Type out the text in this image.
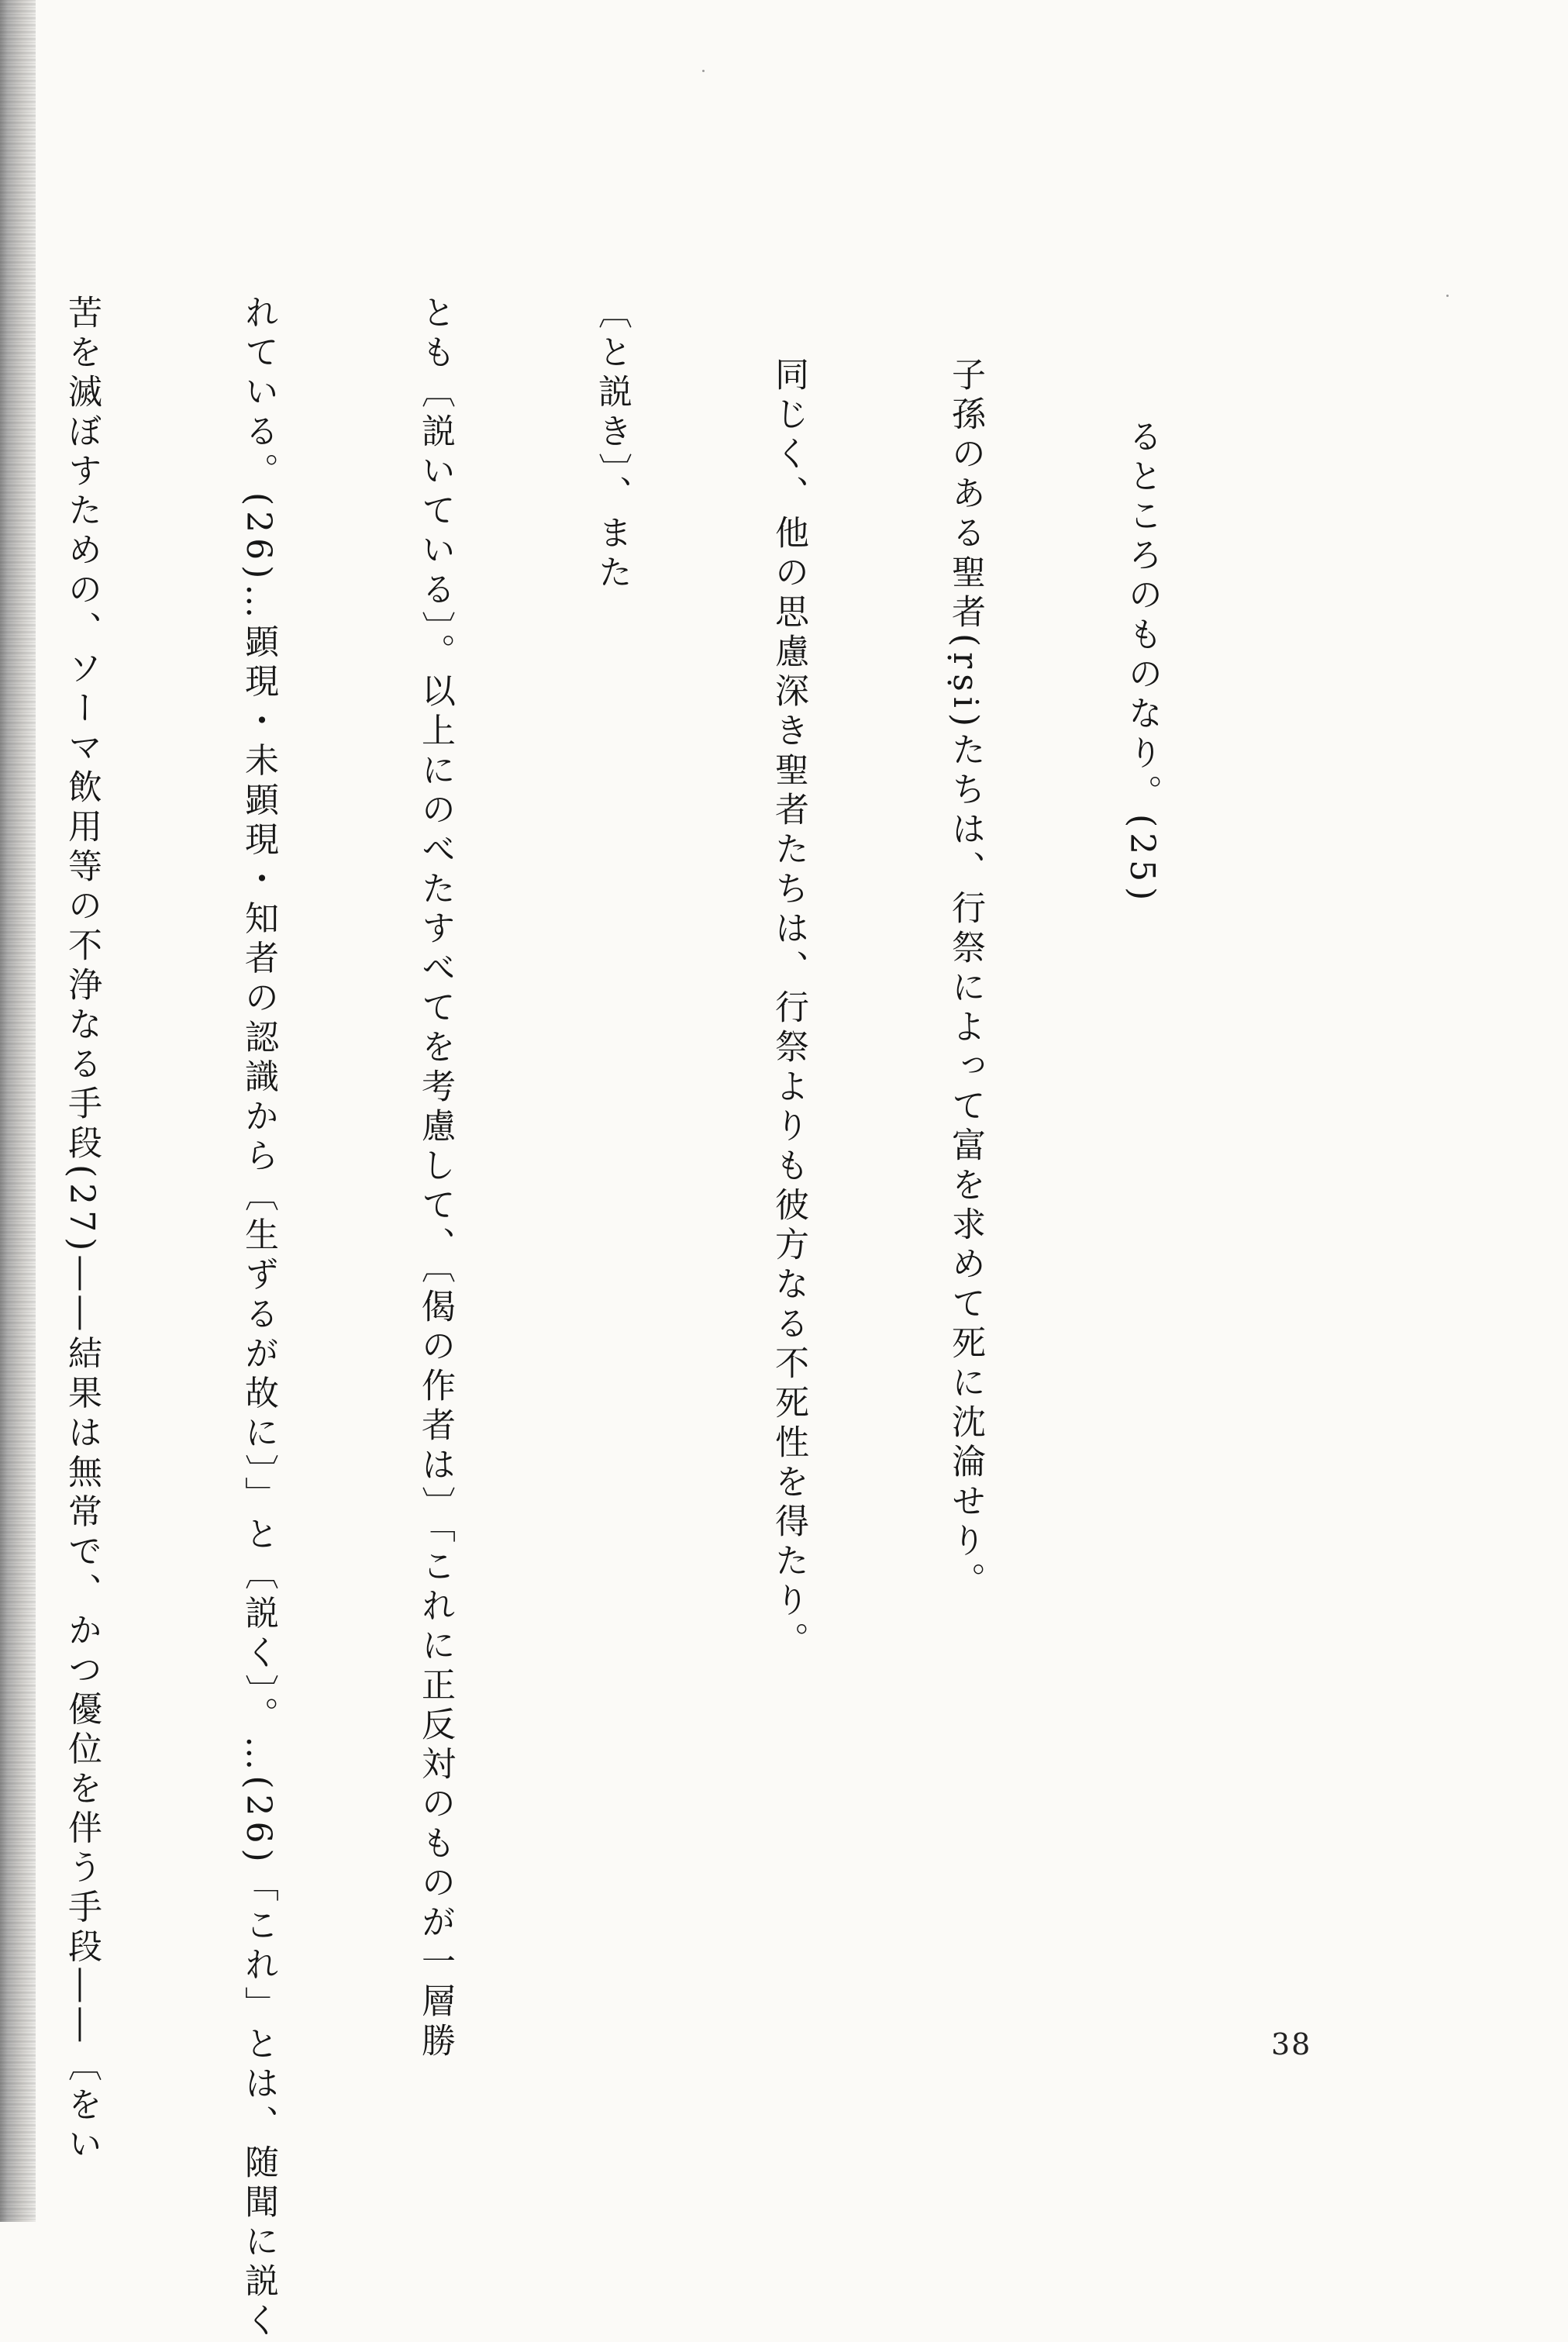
るところのものなり。(25)

子孫のある聖者(ṛṣi)たちは、行祭によって富を求めて死に沈淪せり。

同じく、他の思慮深き聖者たちは、行祭よりも彼方なる不死性を得たり。

〔と説き〕、また

とも〔説いている〕。以上にのべたすべてを考慮して、〔偈の作者は〕「これに正反対のものが一層勝

れている。(26)…顕現・未顕現・知者の認識から〔生ずるが故に〕」と〔説く〕。…(26)「これ」とは、随聞に説く

苦を滅ぼすための、ソーマ飲用等の不浄なる手段(27)――結果は無常で、かつ優位を伴う手段――〔をい

	38
